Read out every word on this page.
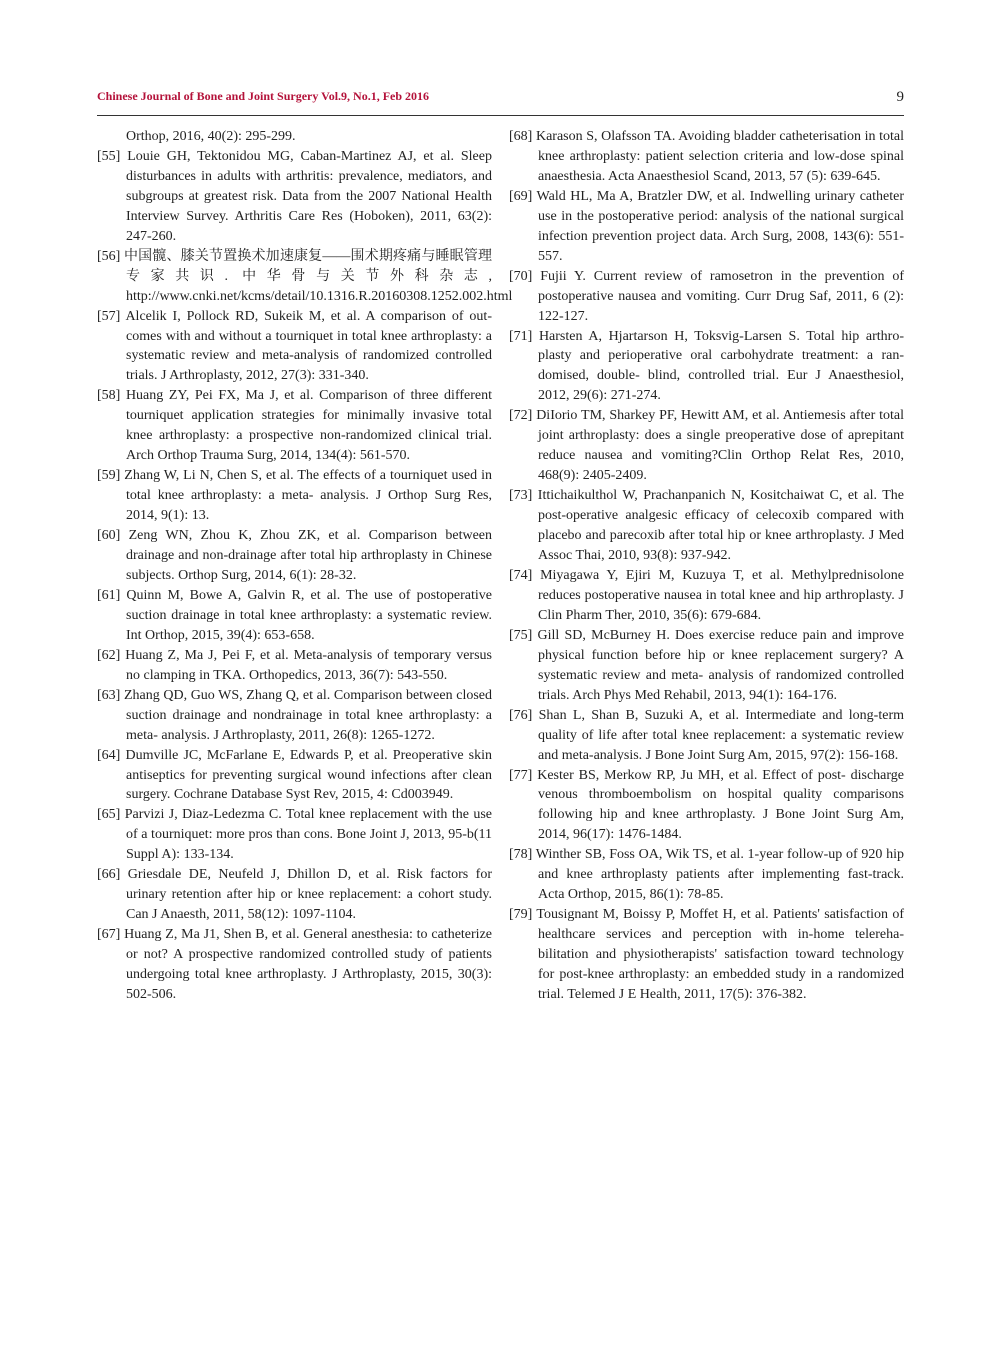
Chinese Journal of Bone and Joint Surgery Vol.9, No.1, Feb 2016	9

Orthop, 2016, 40(2): 295-299.

[55] Louie GH, Tektonidou MG, Caban-Martinez AJ, et al. Sleep disturbances in adults with arthritis: prevalence, mediators, and subgroups at greatest risk. Data from the 2007 National Health Interview Survey. Arthritis Care Res (Hoboken), 2011, 63(2): 247-260.

[56] 中国髋、膝关节置换术加速康复——围术期疼痛与睡眠管理专家共识. 中华骨与关节外科杂志, http://www.cnki.net/kcms/detail/10.1316.R.20160308.1252.002.html

[57] Alcelik I, Pollock RD, Sukeik M, et al. A comparison of outcomes with and without a tourniquet in total knee arthroplasty: a systematic review and meta-analysis of randomized controlled trials. J Arthroplasty, 2012, 27(3): 331-340.

[58] Huang ZY, Pei FX, Ma J, et al. Comparison of three different tourniquet application strategies for minimally invasive total knee arthroplasty: a prospective non-randomized clinical trial. Arch Orthop Trauma Surg, 2014, 134(4): 561-570.

[59] Zhang W, Li N, Chen S, et al. The effects of a tourniquet used in total knee arthroplasty: a meta- analysis. J Orthop Surg Res, 2014, 9(1): 13.

[60] Zeng WN, Zhou K, Zhou ZK, et al. Comparison between drainage and non-drainage after total hip arthroplasty in Chinese subjects. Orthop Surg, 2014, 6(1): 28-32.

[61] Quinn M, Bowe A, Galvin R, et al. The use of postoperative suction drainage in total knee arthroplasty: a systematic review. Int Orthop, 2015, 39(4): 653-658.

[62] Huang Z, Ma J, Pei F, et al. Meta-analysis of temporary versus no clamping in TKA. Orthopedics, 2013, 36(7): 543-550.

[63] Zhang QD, Guo WS, Zhang Q, et al. Comparison between closed suction drainage and nondrainage in total knee arthroplasty: a meta- analysis. J Arthroplasty, 2011, 26(8): 1265-1272.

[64] Dumville JC, McFarlane E, Edwards P, et al. Preoperative skin antiseptics for preventing surgical wound infections after clean surgery. Cochrane Database Syst Rev, 2015, 4: Cd003949.

[65] Parvizi J, Diaz-Ledezma C. Total knee replacement with the use of a tourniquet: more pros than cons. Bone Joint J, 2013, 95-b(11 Suppl A): 133-134.

[66] Griesdale DE, Neufeld J, Dhillon D, et al. Risk factors for urinary retention after hip or knee replacement: a cohort study. Can J Anaesth, 2011, 58(12): 1097-1104.

[67] Huang Z, Ma J1, Shen B, et al. General anesthesia: to catheterize or not? A prospective randomized controlled study of patients undergoing total knee arthroplasty. J Arthroplasty, 2015, 30(3): 502-506.

[68] Karason S, Olafsson TA. Avoiding bladder catheterisation in total knee arthroplasty: patient selection criteria and low-dose spinal anaesthesia. Acta Anaesthesiol Scand, 2013, 57 (5): 639-645.

[69] Wald HL, Ma A, Bratzler DW, et al. Indwelling urinary catheter use in the postoperative period: analysis of the national surgical infection prevention project data. Arch Surg, 2008, 143(6): 551-557.

[70] Fujii Y. Current review of ramosetron in the prevention of postoperative nausea and vomiting. Curr Drug Saf, 2011, 6 (2): 122-127.

[71] Harsten A, Hjartarson H, Toksvig-Larsen S. Total hip arthroplasty and perioperative oral carbohydrate treatment: a randomised, double- blind, controlled trial. Eur J Anaesthesiol, 2012, 29(6): 271-274.

[72] DiIorio TM, Sharkey PF, Hewitt AM, et al. Antiemesis after total joint arthroplasty: does a single preoperative dose of aprepitant reduce nausea and vomiting?Clin Orthop Relat Res, 2010, 468(9): 2405-2409.

[73] Ittichaikulthol W, Prachanpanich N, Kositchaiwat C, et al. The post-operative analgesic efficacy of celecoxib compared with placebo and parecoxib after total hip or knee arthroplasty. J Med Assoc Thai, 2010, 93(8): 937-942.

[74] Miyagawa Y, Ejiri M, Kuzuya T, et al. Methylprednisolone reduces postoperative nausea in total knee and hip arthroplasty. J Clin Pharm Ther, 2010, 35(6): 679-684.

[75] Gill SD, McBurney H. Does exercise reduce pain and improve physical function before hip or knee replacement surgery? A systematic review and meta- analysis of randomized controlled trials. Arch Phys Med Rehabil, 2013, 94(1): 164-176.

[76] Shan L, Shan B, Suzuki A, et al. Intermediate and long-term quality of life after total knee replacement: a systematic review and meta-analysis. J Bone Joint Surg Am, 2015, 97(2): 156-168.

[77] Kester BS, Merkow RP, Ju MH, et al. Effect of post- discharge venous thromboembolism on hospital quality comparisons following hip and knee arthroplasty. J Bone Joint Surg Am, 2014, 96(17): 1476-1484.

[78] Winther SB, Foss OA, Wik TS, et al. 1-year follow-up of 920 hip and knee arthroplasty patients after implementing fast-track. Acta Orthop, 2015, 86(1): 78-85.

[79] Tousignant M, Boissy P, Moffet H, et al. Patients' satisfaction of healthcare services and perception with in-home telerehabilitation and physiotherapists' satisfaction toward technology for post-knee arthroplasty: an embedded study in a randomized trial. Telemed J E Health, 2011, 17(5): 376-382.
